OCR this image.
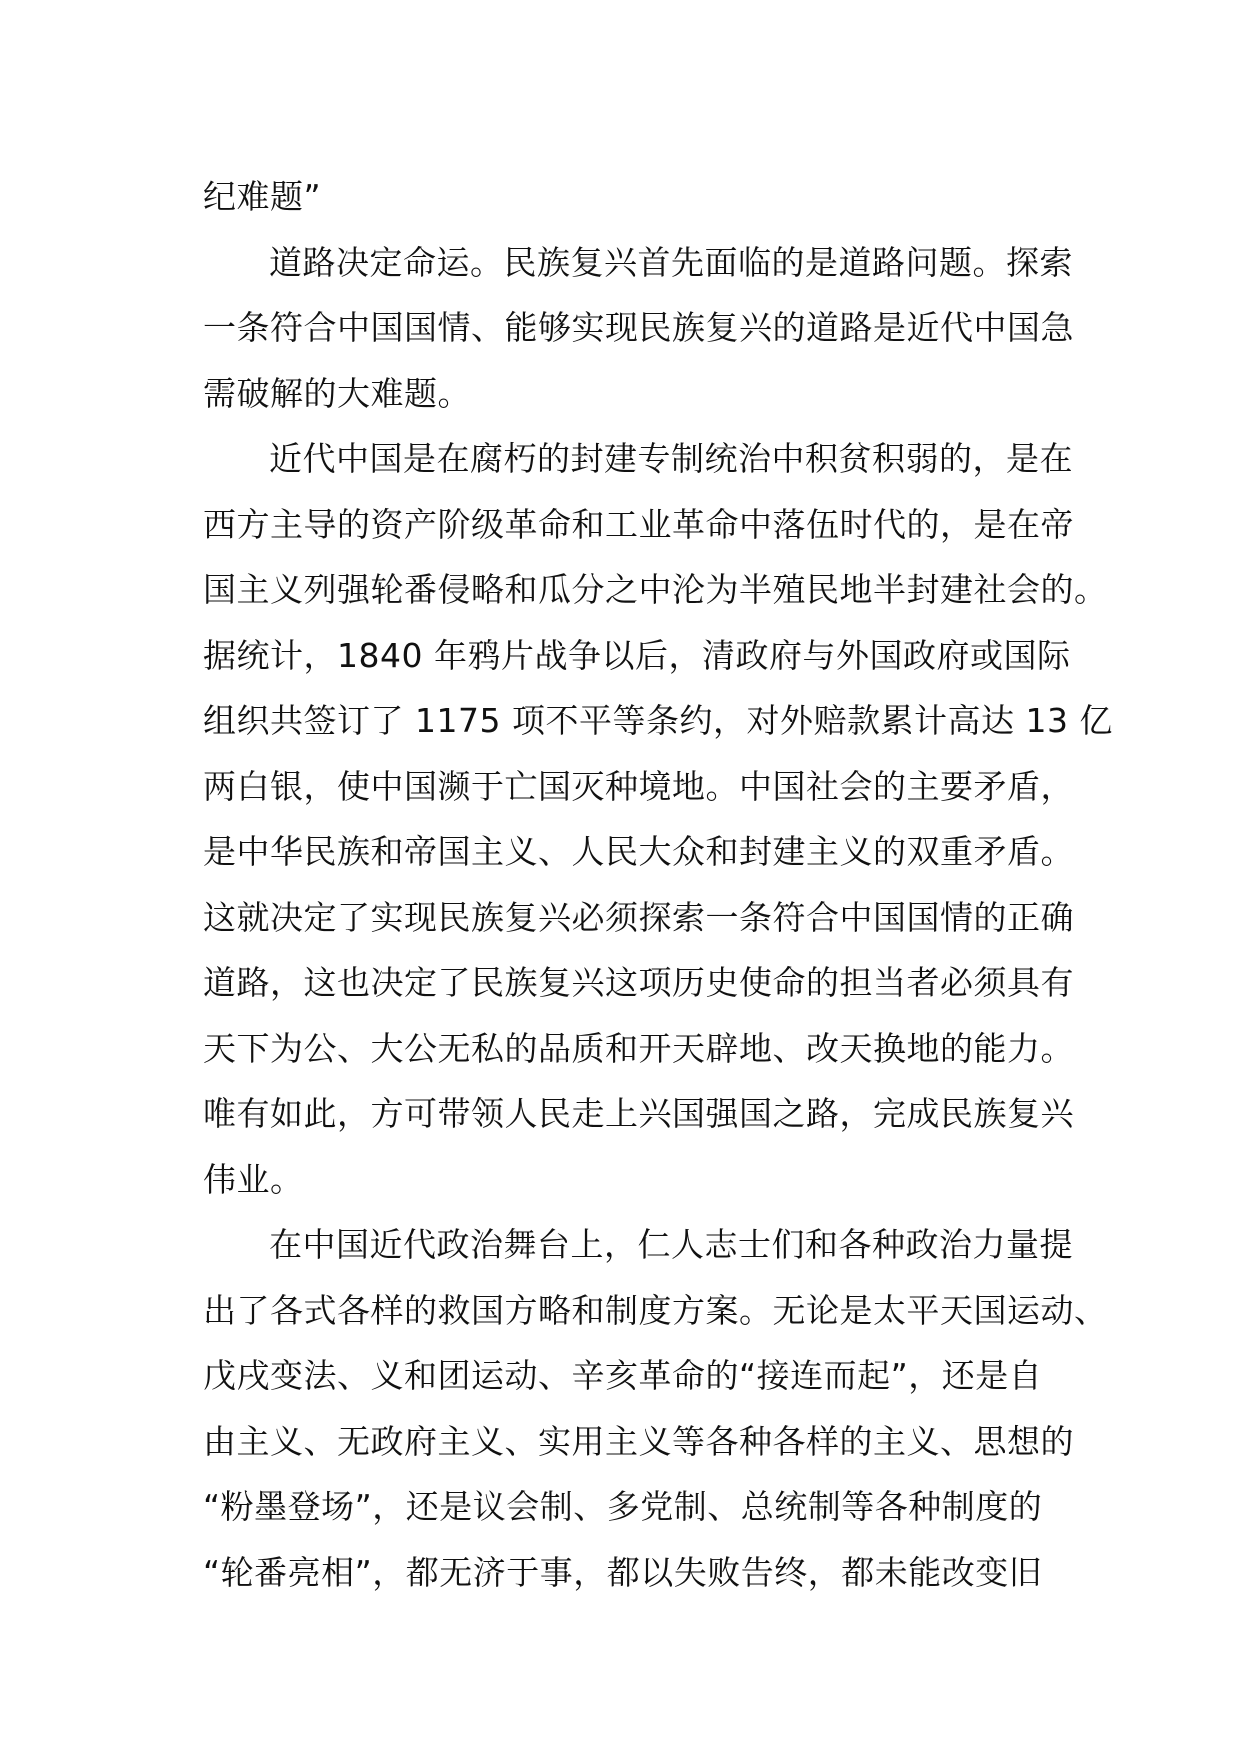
纪难题”
道路决定命运。民族复兴首先面临的是道路问题。探索
一条符合中国国情、能够实现民族复兴的道路是近代中国急
需破解的大难题。
近代中国是在腐朽的封建专制统治中积贫积弱的，是在
西方主导的资产阶级革命和工业革命中落伍时代的，是在帝
国主义列强轮番侵略和瓜分之中沦为半殖民地半封建社会的。
据统计，1840 年鸦片战争以后，清政府与外国政府或国际
组织共签订了 1175 项不平等条约，对外赔款累计高达 13 亿
两白银，使中国濒于亡国灭种境地。中国社会的主要矛盾，
是中华民族和帝国主义、人民大众和封建主义的双重矛盾。
这就决定了实现民族复兴必须探索一条符合中国国情的正确
道路，这也决定了民族复兴这项历史使命的担当者必须具有
天下为公、大公无私的品质和开天辟地、改天换地的能力。
唯有如此，方可带领人民走上兴国强国之路，完成民族复兴
伟业。
在中国近代政治舞台上，仁人志士们和各种政治力量提
出了各式各样的救国方略和制度方案。无论是太平天国运动、
戊戌变法、义和团运动、辛亥革命的“接连而起”，还是自
由主义、无政府主义、实用主义等各种各样的主义、思想的
“粉墨登场”，还是议会制、多党制、总统制等各种制度的
“轮番亮相”，都无济于事，都以失败告终，都未能改变旧
